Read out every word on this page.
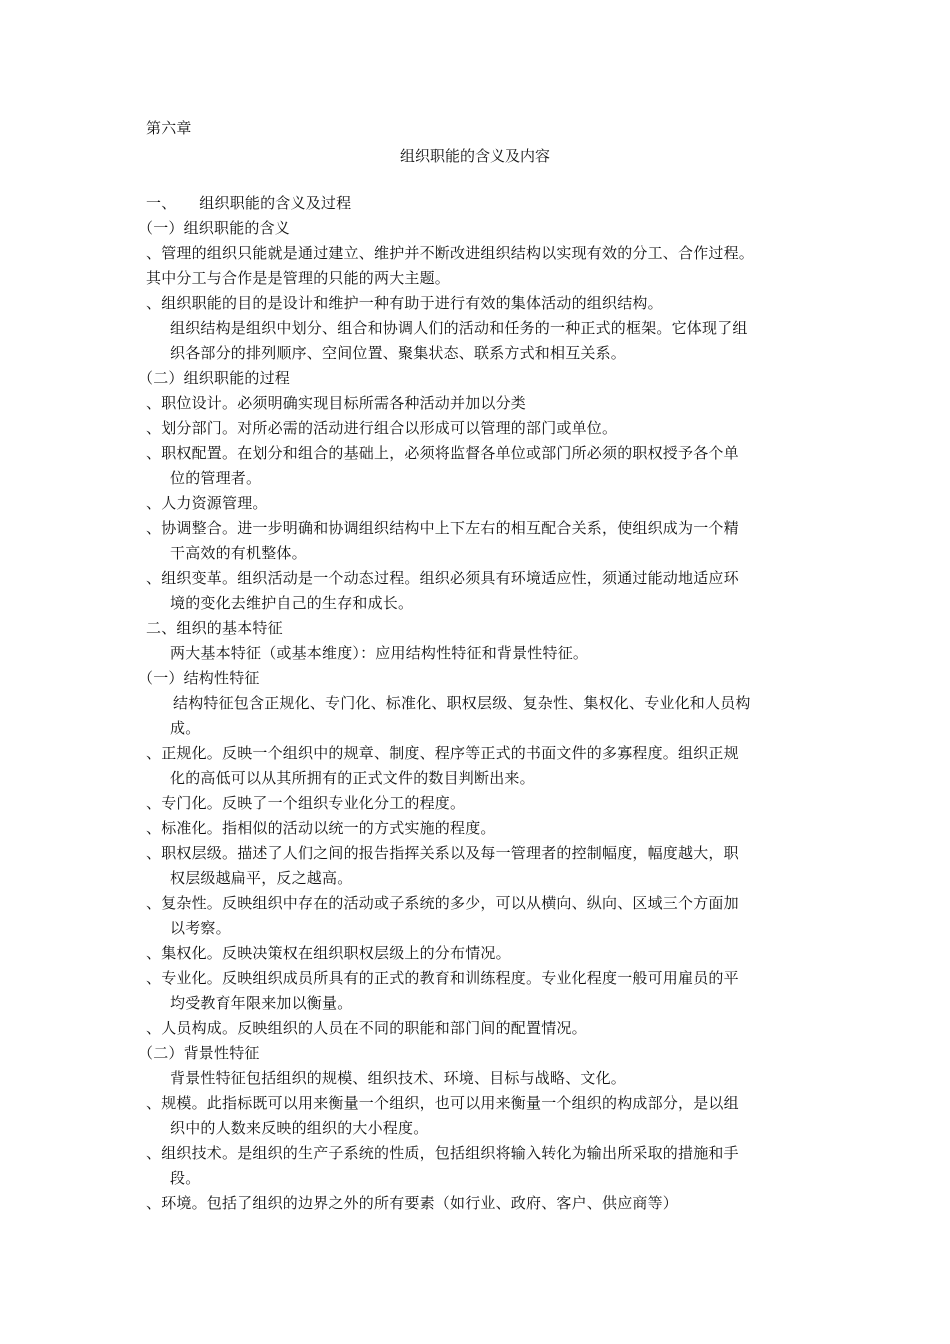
第六章
组织职能的含义及内容
一、　　组织职能的含义及过程
（一）组织职能的含义
、管理的组织只能就是通过建立、维护并不断改进组织结构以实现有效的分工、合作过程。
其中分工与合作是是管理的只能的两大主题。
、组织职能的目的是设计和维护一种有助于进行有效的集体活动的组织结构。
组织结构是组织中划分、组合和协调人们的活动和任务的一种正式的框架。它体现了组
织各部分的排列顺序、空间位置、聚集状态、联系方式和相互关系。
（二）组织职能的过程
、职位设计。必须明确实现目标所需各种活动并加以分类
、划分部门。对所必需的活动进行组合以形成可以管理的部门或单位。
、职权配置。在划分和组合的基础上，必须将监督各单位或部门所必须的职权授予各个单
位的管理者。
、人力资源管理。
、协调整合。进一步明确和协调组织结构中上下左右的相互配合关系，使组织成为一个精
干高效的有机整体。
、组织变革。组织活动是一个动态过程。组织必须具有环境适应性，须通过能动地适应环
境的变化去维护自己的生存和成长。
二、组织的基本特征
两大基本特征（或基本维度）：应用结构性特征和背景性特征。
（一）结构性特征
结构特征包含正规化、专门化、标准化、职权层级、复杂性、集权化、专业化和人员构
成。
、正规化。反映一个组织中的规章、制度、程序等正式的书面文件的多寡程度。组织正规
化的高低可以从其所拥有的正式文件的数目判断出来。
、专门化。反映了一个组织专业化分工的程度。
、标准化。指相似的活动以统一的方式实施的程度。
、职权层级。描述了人们之间的报告指挥关系以及每一管理者的控制幅度，幅度越大，职
权层级越扁平，反之越高。
、复杂性。反映组织中存在的活动或子系统的多少，可以从横向、纵向、区域三个方面加
以考察。
、集权化。反映决策权在组织职权层级上的分布情况。
、专业化。反映组织成员所具有的正式的教育和训练程度。专业化程度一般可用雇员的平
均受教育年限来加以衡量。
、人员构成。反映组织的人员在不同的职能和部门间的配置情况。
（二）背景性特征
背景性特征包括组织的规模、组织技术、环境、目标与战略、文化。
、规模。此指标既可以用来衡量一个组织，也可以用来衡量一个组织的构成部分，是以组
织中的人数来反映的组织的大小程度。
、组织技术。是组织的生产子系统的性质，包括组织将输入转化为输出所采取的措施和手
段。
、环境。包括了组织的边界之外的所有要素（如行业、政府、客户、供应商等）
